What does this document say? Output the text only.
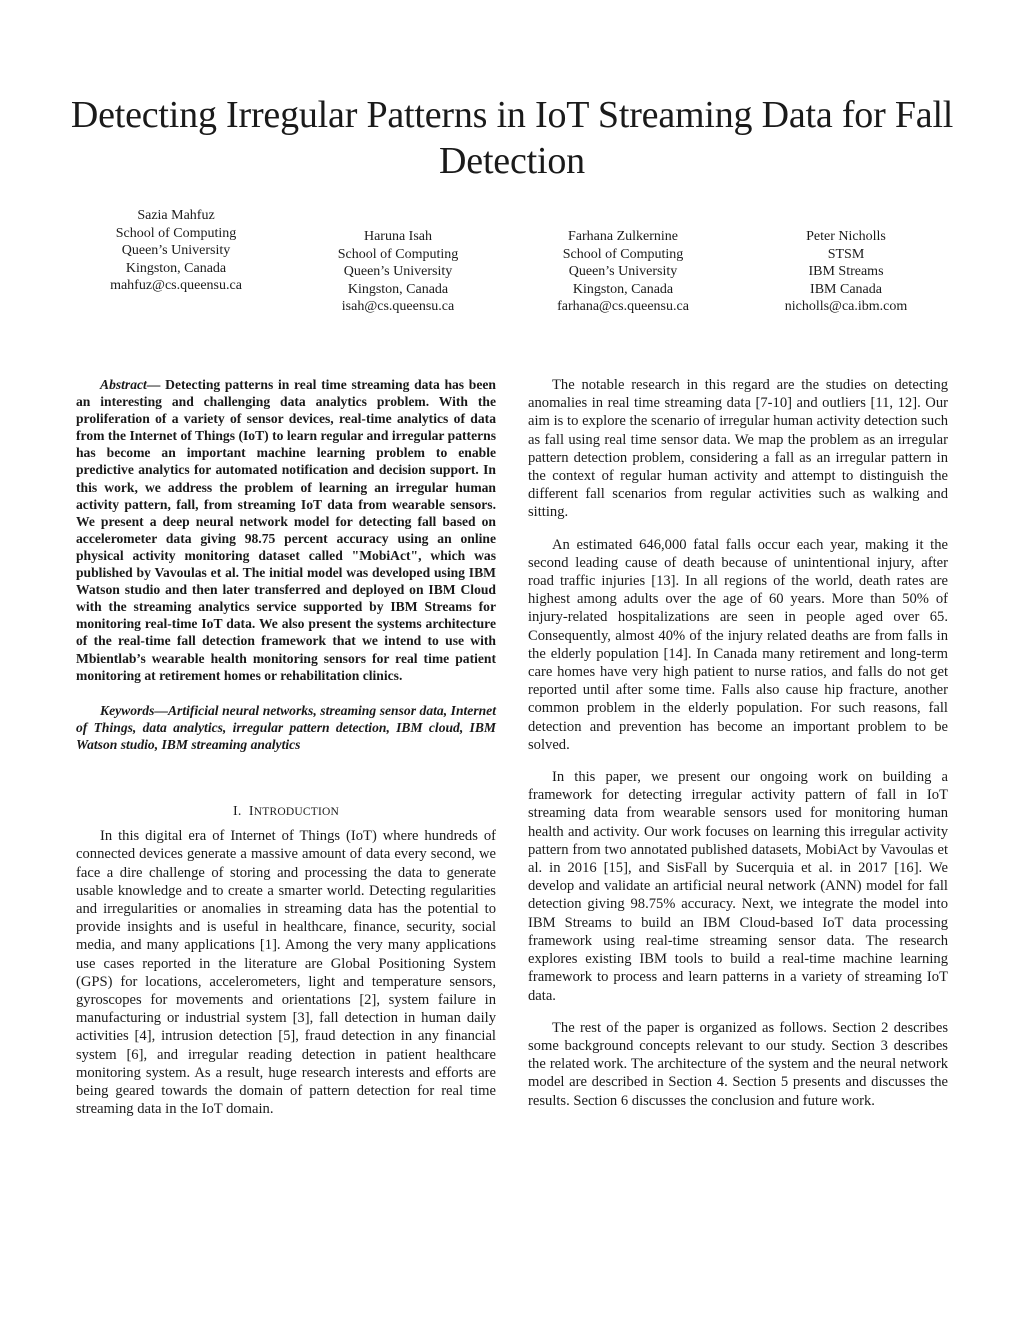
Detecting Irregular Patterns in IoT Streaming Data for Fall Detection
Sazia Mahfuz
School of Computing
Queen’s University
Kingston, Canada
mahfuz@cs.queensu.ca
Haruna Isah
School of Computing
Queen’s University
Kingston, Canada
isah@cs.queensu.ca
Farhana Zulkernine
School of Computing
Queen’s University
Kingston, Canada
farhana@cs.queensu.ca
Peter Nicholls
STSM
IBM Streams
IBM Canada
nicholls@ca.ibm.com

Abstract— Detecting patterns in real time streaming data has been an interesting and challenging data analytics problem. With the proliferation of a variety of sensor devices, real-time analytics of data from the Internet of Things (IoT) to learn regular and irregular patterns has become an important machine learning problem to enable predictive analytics for automated notification and decision support. In this work, we address the problem of learning an irregular human activity pattern, fall, from streaming IoT data from wearable sensors. We present a deep neural network model for detecting fall based on accelerometer data giving 98.75 percent accuracy using an online physical activity monitoring dataset called "MobiAct", which was published by Vavoulas et al. The initial model was developed using IBM Watson studio and then later transferred and deployed on IBM Cloud with the streaming analytics service supported by IBM Streams for monitoring real-time IoT data. We also present the systems architecture of the real-time fall detection framework that we intend to use with Mbientlab’s wearable health monitoring sensors for real time patient monitoring at retirement homes or rehabilitation clinics.

Keywords—Artificial neural networks, streaming sensor data, Internet of Things, data analytics, irregular pattern detection, IBM cloud, IBM Watson studio, IBM streaming analytics

I. INTRODUCTION

In this digital era of Internet of Things (IoT) where hundreds of connected devices generate a massive amount of data every second, we face a dire challenge of storing and processing the data to generate usable knowledge and to create a smarter world. Detecting regularities and irregularities or anomalies in streaming data has the potential to provide insights and is useful in healthcare, finance, security, social media, and many applications [1]. Among the very many applications use cases reported in the literature are Global Positioning System (GPS) for locations, accelerometers, light and temperature sensors, gyroscopes for movements and orientations [2], system failure in manufacturing or industrial system [3], fall detection in human daily activities [4], intrusion detection [5], fraud detection in any financial system [6], and irregular reading detection in patient healthcare monitoring system. As a result, huge research interests and efforts are being geared towards the domain of pattern detection for real time streaming data in the IoT domain.

The notable research in this regard are the studies on detecting anomalies in real time streaming data [7-10] and outliers [11, 12]. Our aim is to explore the scenario of irregular human activity detection such as fall using real time sensor data. We map the problem as an irregular pattern detection problem, considering a fall as an irregular pattern in the context of regular human activity and attempt to distinguish the different fall scenarios from regular activities such as walking and sitting.

An estimated 646,000 fatal falls occur each year, making it the second leading cause of death because of unintentional injury, after road traffic injuries [13]. In all regions of the world, death rates are highest among adults over the age of 60 years. More than 50% of injury-related hospitalizations are seen in people aged over 65. Consequently, almost 40% of the injury related deaths are from falls in the elderly population [14]. In Canada many retirement and long-term care homes have very high patient to nurse ratios, and falls do not get reported until after some time. Falls also cause hip fracture, another common problem in the elderly population. For such reasons, fall detection and prevention has become an important problem to be solved.

In this paper, we present our ongoing work on building a framework for detecting irregular activity pattern of fall in IoT streaming data from wearable sensors used for monitoring human health and activity. Our work focuses on learning this irregular activity pattern from two annotated published datasets, MobiAct by Vavoulas et al. in 2016 [15], and SisFall by Sucerquia et al. in 2017 [16]. We develop and validate an artificial neural network (ANN) model for fall detection giving 98.75% accuracy. Next, we integrate the model into IBM Streams to build an IBM Cloud-based IoT data processing framework using real-time streaming sensor data. The research explores existing IBM tools to build a real-time machine learning framework to process and learn patterns in a variety of streaming IoT data.

The rest of the paper is organized as follows. Section 2 describes some background concepts relevant to our study. Section 3 describes the related work. The architecture of the system and the neural network model are described in Section 4. Section 5 presents and discusses the results. Section 6 discusses the conclusion and future work.
